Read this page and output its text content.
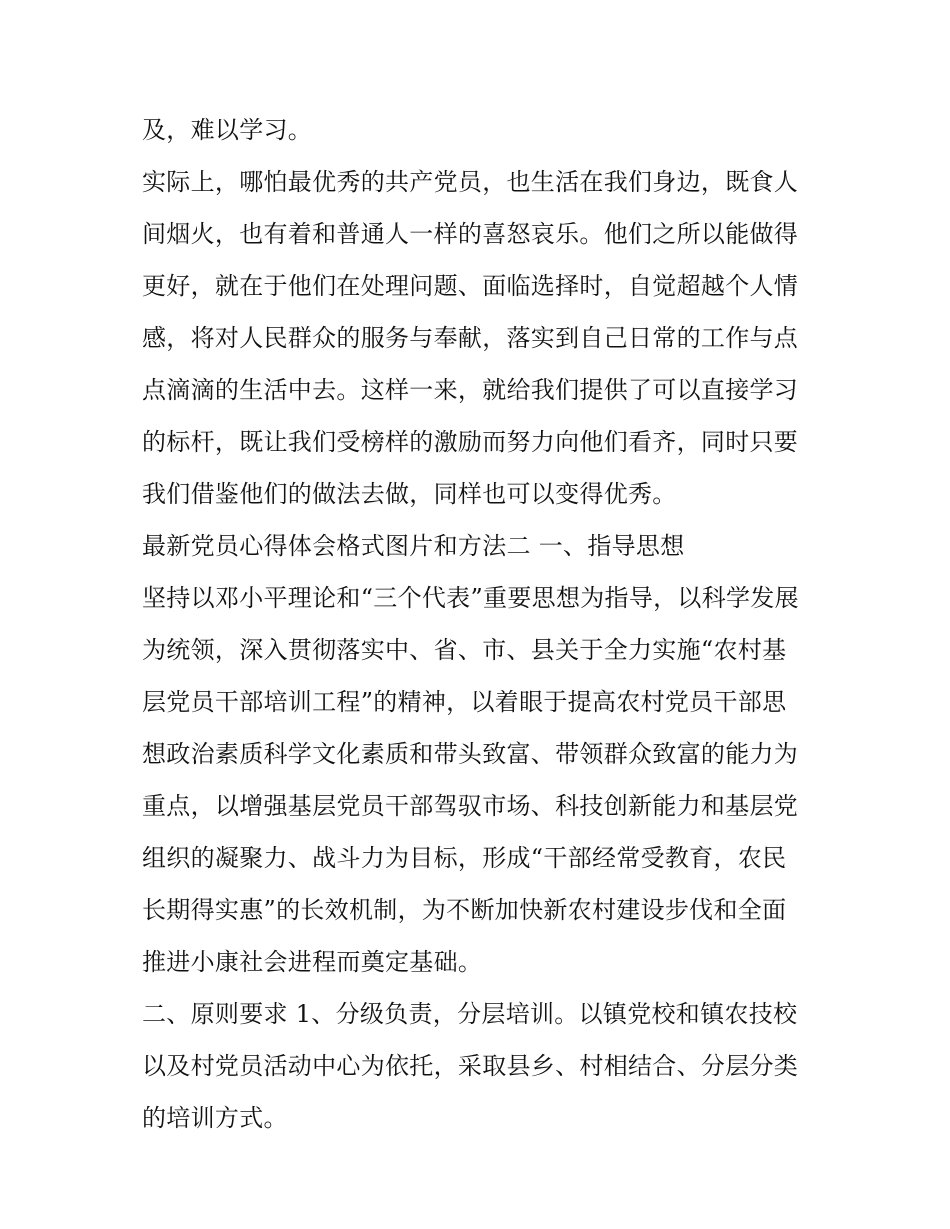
及，难以学习。
实际上，哪怕最优秀的共产党员，也生活在我们身边，既食人
间烟火，也有着和普通人一样的喜怒哀乐。他们之所以能做得
更好，就在于他们在处理问题、面临选择时，自觉超越个人情
感，将对人民群众的服务与奉献，落实到自己日常的工作与点
点滴滴的生活中去。这样一来，就给我们提供了可以直接学习
的标杆，既让我们受榜样的激励而努力向他们看齐，同时只要
我们借鉴他们的做法去做，同样也可以变得优秀。
最新党员心得体会格式图片和方法二 一、指导思想
坚持以邓小平理论和“三个代表”重要思想为指导，以科学发展
为统领，深入贯彻落实中、省、市、县关于全力实施“农村基
层党员干部培训工程”的精神，以着眼于提高农村党员干部思
想政治素质科学文化素质和带头致富、带领群众致富的能力为
重点，以增强基层党员干部驾驭市场、科技创新能力和基层党
组织的凝聚力、战斗力为目标，形成“干部经常受教育，农民
长期得实惠”的长效机制，为不断加快新农村建设步伐和全面
推进小康社会进程而奠定基础。
二、原则要求 1、分级负责，分层培训。以镇党校和镇农技校
以及村党员活动中心为依托，采取县乡、村相结合、分层分类
的培训方式。
